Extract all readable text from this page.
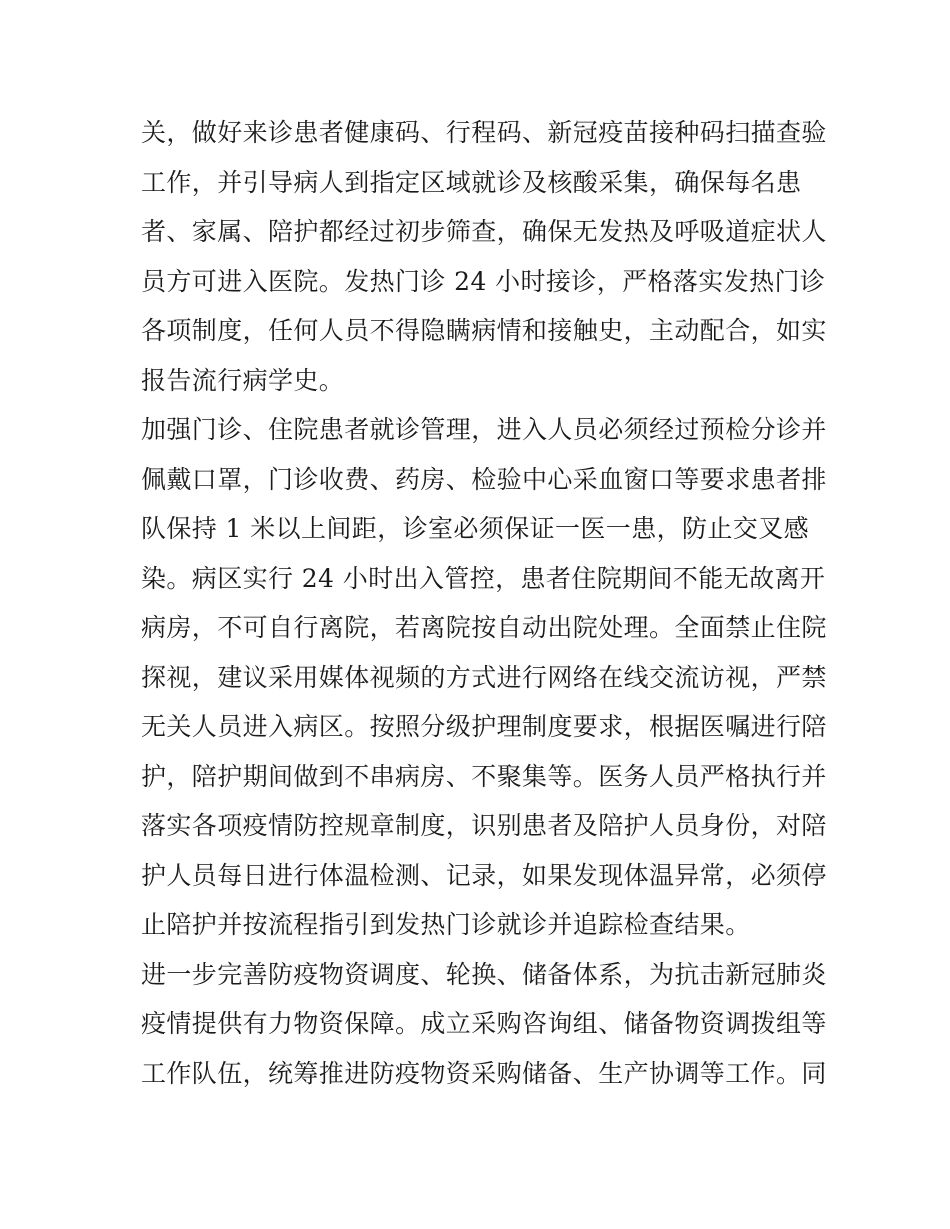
关，做好来诊患者健康码、行程码、新冠疫苗接种码扫描查验
工作，并引导病人到指定区域就诊及核酸采集，确保每名患
者、家属、陪护都经过初步筛查，确保无发热及呼吸道症状人
员方可进入医院。发热门诊 24 小时接诊，严格落实发热门诊
各项制度，任何人员不得隐瞒病情和接触史，主动配合，如实
报告流行病学史。
加强门诊、住院患者就诊管理，进入人员必须经过预检分诊并
佩戴口罩，门诊收费、药房、检验中心采血窗口等要求患者排
队保持 1 米以上间距，诊室必须保证一医一患，防止交叉感
染。病区实行 24 小时出入管控，患者住院期间不能无故离开
病房，不可自行离院，若离院按自动出院处理。全面禁止住院
探视，建议采用媒体视频的方式进行网络在线交流访视，严禁
无关人员进入病区。按照分级护理制度要求，根据医嘱进行陪
护，陪护期间做到不串病房、不聚集等。医务人员严格执行并
落实各项疫情防控规章制度，识别患者及陪护人员身份，对陪
护人员每日进行体温检测、记录，如果发现体温异常，必须停
止陪护并按流程指引到发热门诊就诊并追踪检查结果。
进一步完善防疫物资调度、轮换、储备体系，为抗击新冠肺炎
疫情提供有力物资保障。成立采购咨询组、储备物资调拨组等
工作队伍，统筹推进防疫物资采购储备、生产协调等工作。同
